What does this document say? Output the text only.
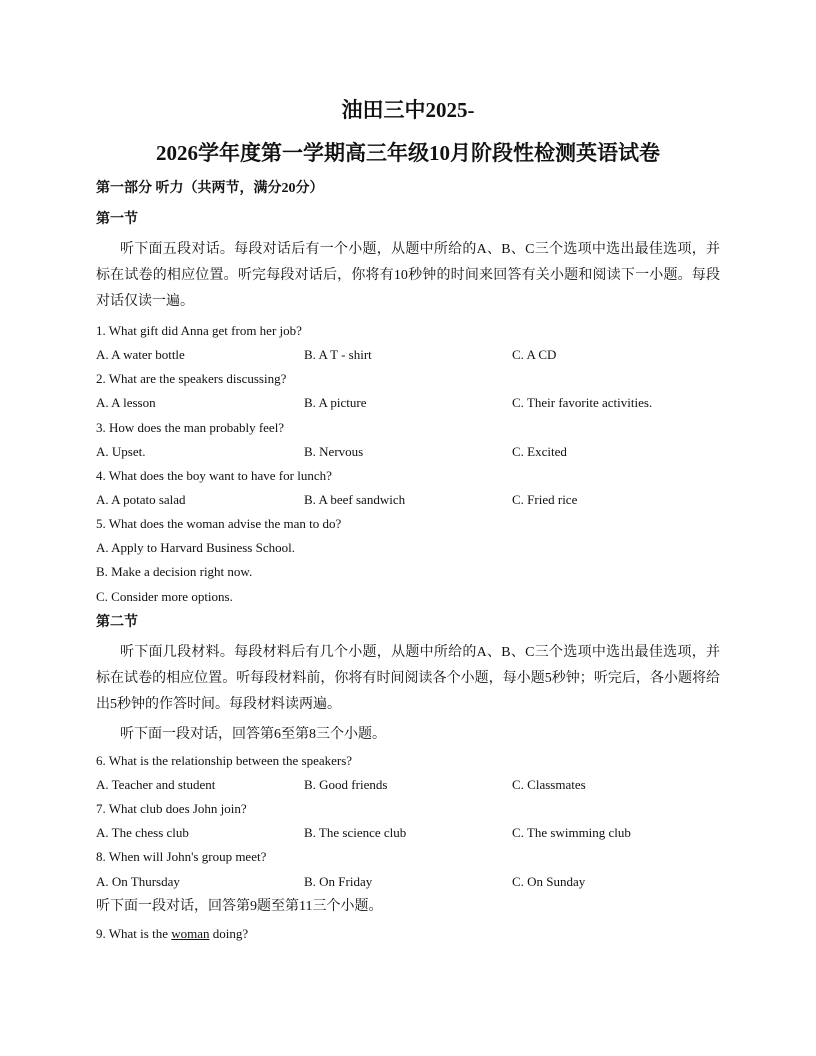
油田三中2025-
2026学年度第一学期高三年级10月阶段性检测英语试卷
第一部分 听力（共两节，满分20分）
第一节
听下面五段对话。每段对话后有一个小题，从题中所给的A、B、C三个选项中选出最佳选项，并标在试卷的相应位置。听完每段对话后，你将有10秒钟的时间来回答有关小题和阅读下一小题。每段对话仅读一遍。
1. What gift did Anna get from her job?
A. A water bottle	B. A T - shirt	C. A CD
2. What are the speakers discussing?
A. A lesson	B. A picture	C. Their favorite activities.
3. How does the man probably feel?
A. Upset.	B. Nervous	C. Excited
4. What does the boy want to have for lunch?
A. A potato salad	B. A beef sandwich	C. Fried rice
5. What does the woman advise the man to do?
A. Apply to Harvard Business School.
B. Make a decision right now.
C. Consider more options.
第二节
听下面几段材料。每段材料后有几个小题，从题中所给的A、B、C三个选项中选出最佳选项，并标在试卷的相应位置。听每段材料前，你将有时间阅读各个小题，每小题5秒钟；听完后，各小题将给出5秒钟的作答时间。每段材料读两遍。
听下面一段对话，回答第6至第8三个小题。
6. What is the relationship between the speakers?
A. Teacher and student	B. Good friends	C. Classmates
7. What club does John join?
A. The chess club	B. The science club	C. The swimming club
8. When will John's group meet?
A. On Thursday	B. On Friday	C. On Sunday
听下面一段对话，回答第9题至第11三个小题。
9. What is the woman doing?
